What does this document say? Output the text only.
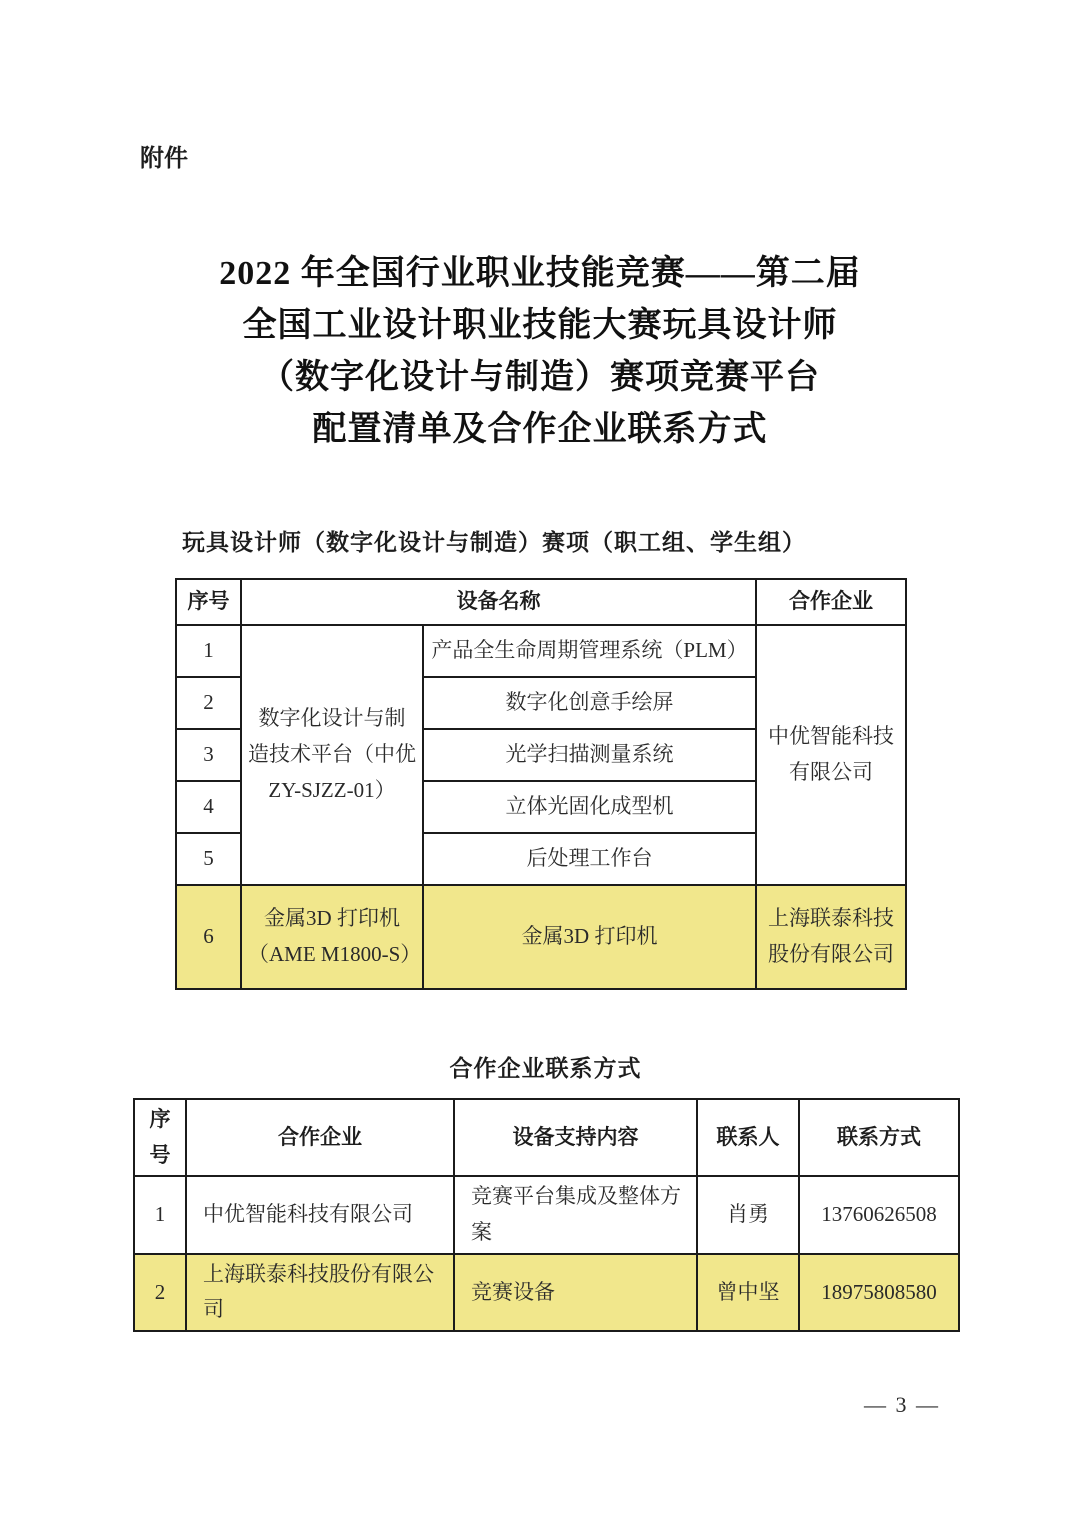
附件
2022 年全国行业职业技能竞赛——第二届
全国工业设计职业技能大赛玩具设计师
（数字化设计与制造）赛项竞赛平台
配置清单及合作企业联系方式
玩具设计师（数字化设计与制造）赛项（职工组、学生组）
序号	设备名称		合作企业
1	数字化设计与制
造技术平台（中优
ZY-SJZZ-01）	产品全生命周期管理系统（PLM）	中优智能科技
有限公司
2		数字化创意手绘屏	
3		光学扫描测量系统	
4		立体光固化成型机	
5		后处理工作台	
6	金属3D 打印机
（AME M1800-S）	金属3D 打印机	上海联泰科技
股份有限公司
合作企业联系方式
序号	合作企业	设备支持内容	联系人	联系方式
1	中优智能科技有限公司	竞赛平台集成及整体方案	肖勇	13760626508
2	上海联泰科技股份有限公司	竞赛设备	曾中坚	18975808580
— 3 —
